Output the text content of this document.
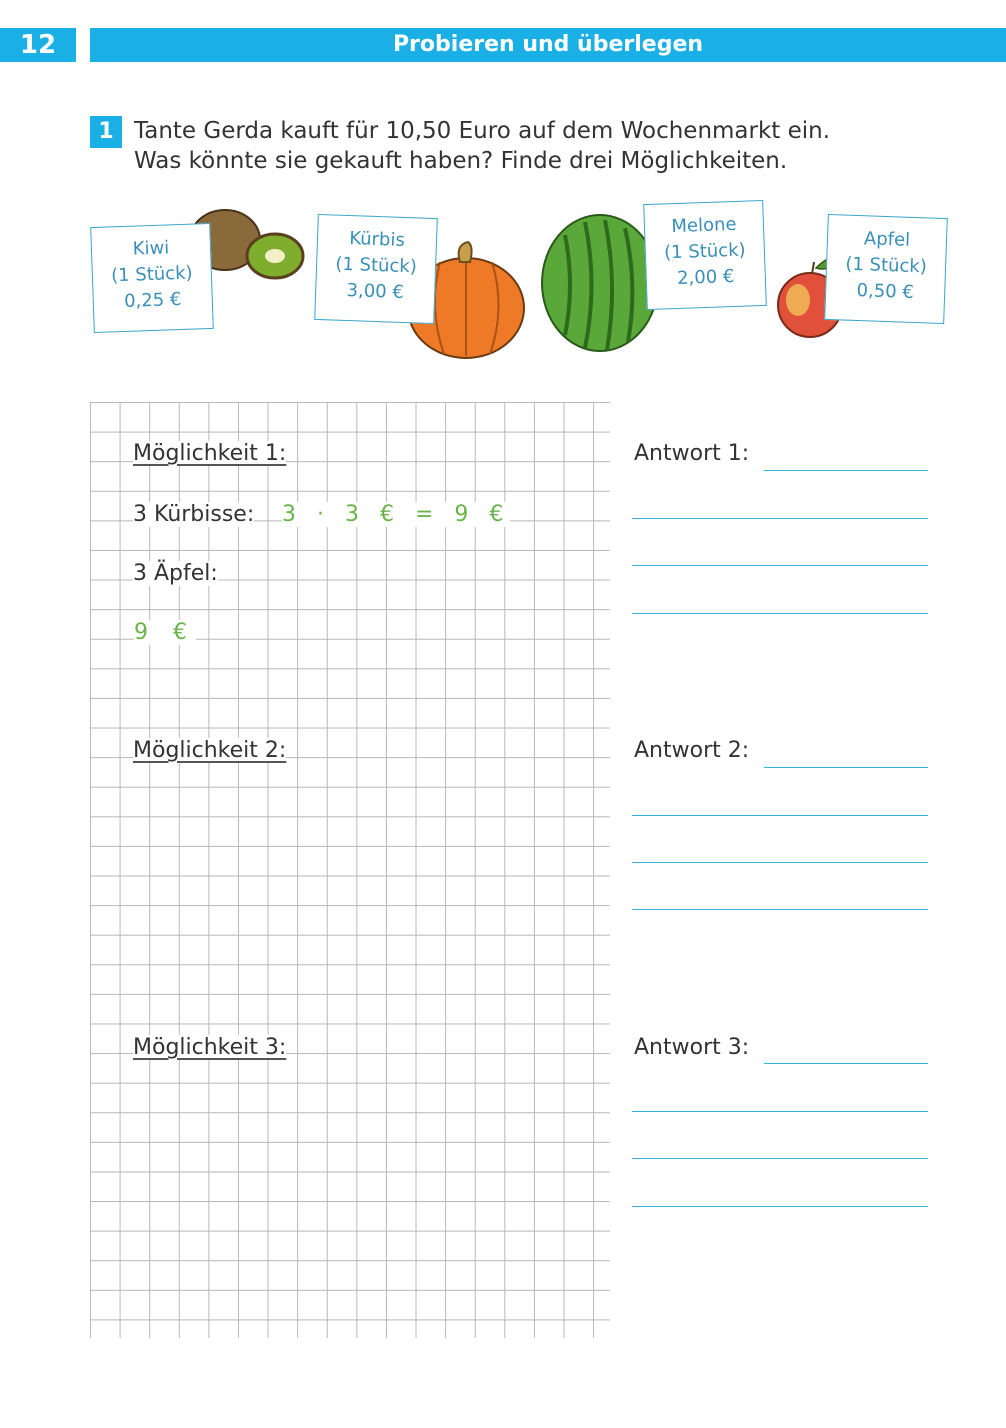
12	Probieren und überlegen
1 Tante Gerda kauft für 10,50 Euro auf dem Wochenmarkt ein.
Was könnte sie gekauft haben? Finde drei Möglichkeiten.
Kiwi
(1 Stück)
0,25 €
Kürbis
(1 Stück)
3,00 €
Melone
(1 Stück)
2,00 €
Apfel
(1 Stück)
0,50 €
Möglichkeit 1:
3 Kürbisse: 3 · 3 € = 9 €
3 Äpfel:
9 €
Möglichkeit 2:
Möglichkeit 3:
Antwort 1:
Antwort 2:
Antwort 3:
